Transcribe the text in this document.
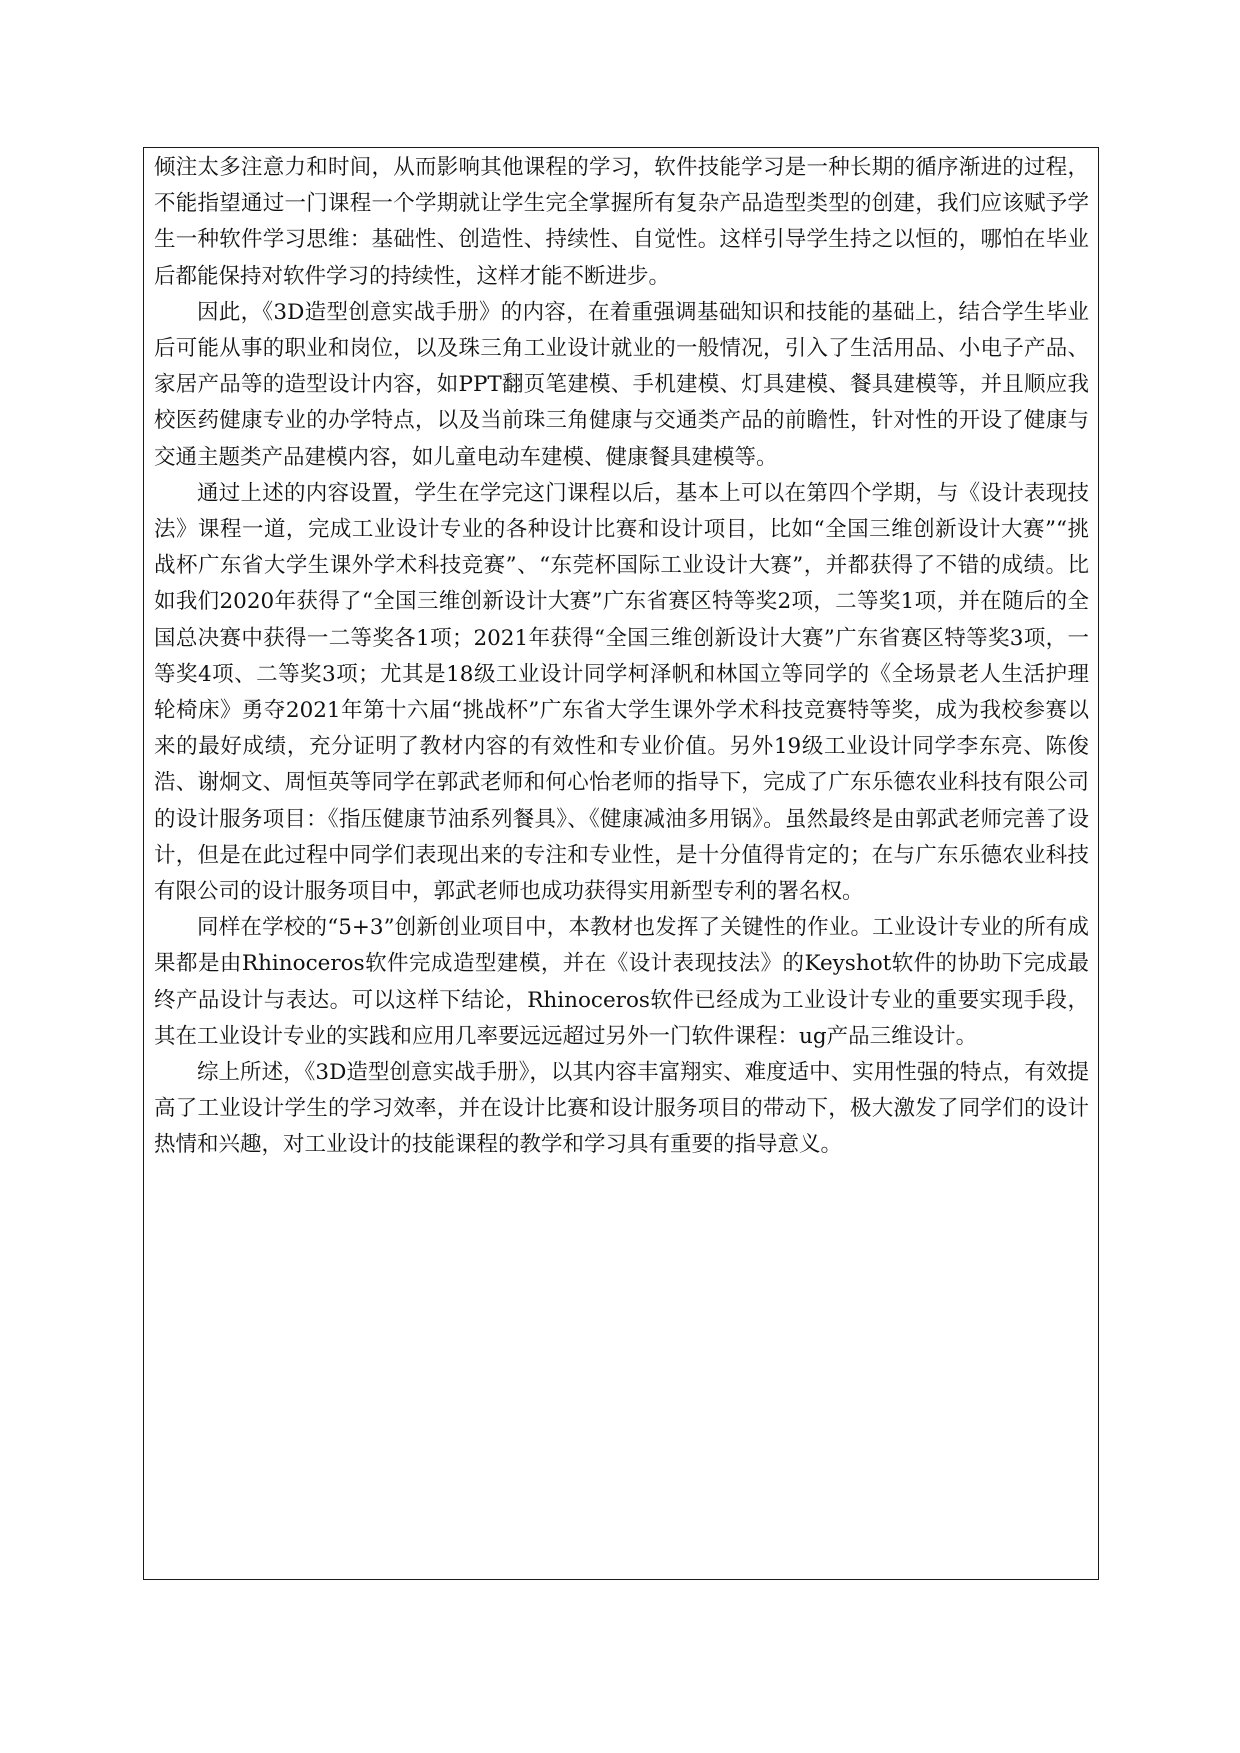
倾注太多注意力和时间，从而影响其他课程的学习，软件技能学习是一种长期的循序渐进的过程，不能指望通过一门课程一个学期就让学生完全掌握所有复杂产品造型类型的创建，我们应该赋予学生一种软件学习思维：基础性、创造性、持续性、自觉性。这样引导学生持之以恒的，哪怕在毕业后都能保持对软件学习的持续性，这样才能不断进步。

因此，《3D造型创意实战手册》的内容，在着重强调基础知识和技能的基础上，结合学生毕业后可能从事的职业和岗位，以及珠三角工业设计就业的一般情况，引入了生活用品、小电子产品、家居产品等的造型设计内容，如PPT翻页笔建模、手机建模、灯具建模、餐具建模等，并且顺应我校医药健康专业的办学特点，以及当前珠三角健康与交通类产品的前瞻性，针对性的开设了健康与交通主题类产品建模内容，如儿童电动车建模、健康餐具建模等。

通过上述的内容设置，学生在学完这门课程以后，基本上可以在第四个学期，与《设计表现技法》课程一道，完成工业设计专业的各种设计比赛和设计项目，比如“全国三维创新设计大赛”“挑战杯广东省大学生课外学术科技竞赛”、“东莞杯国际工业设计大赛”，并都获得了不错的成绩。比如我们2020年获得了“全国三维创新设计大赛”广东省赛区特等奖2项，二等奖1项，并在随后的全国总决赛中获得一二等奖各1项；2021年获得“全国三维创新设计大赛”广东省赛区特等奖3项，一等奖4项、二等奖3项；尤其是18级工业设计同学柯泽帆和林国立等同学的《全场景老人生活护理轮椅床》勇夺2021年第十六届“挑战杯”广东省大学生课外学术科技竞赛特等奖，成为我校参赛以来的最好成绩，充分证明了教材内容的有效性和专业价值。另外19级工业设计同学李东亮、陈俊浩、谢炯文、周恒英等同学在郭武老师和何心怡老师的指导下，完成了广东乐德农业科技有限公司的设计服务项目：《指压健康节油系列餐具》、《健康减油多用锅》。虽然最终是由郭武老师完善了设计，但是在此过程中同学们表现出来的专注和专业性，是十分值得肯定的；在与广东乐德农业科技有限公司的设计服务项目中，郭武老师也成功获得实用新型专利的署名权。

同样在学校的“5+3”创新创业项目中，本教材也发挥了关键性的作业。工业设计专业的所有成果都是由Rhinoceros软件完成造型建模，并在《设计表现技法》的Keyshot软件的协助下完成最终产品设计与表达。可以这样下结论，Rhinoceros软件已经成为工业设计专业的重要实现手段，其在工业设计专业的实践和应用几率要远远超过另外一门软件课程：ug产品三维设计。

综上所述，《3D造型创意实战手册》，以其内容丰富翔实、难度适中、实用性强的特点，有效提高了工业设计学生的学习效率，并在设计比赛和设计服务项目的带动下，极大激发了同学们的设计热情和兴趣，对工业设计的技能课程的教学和学习具有重要的指导意义。
